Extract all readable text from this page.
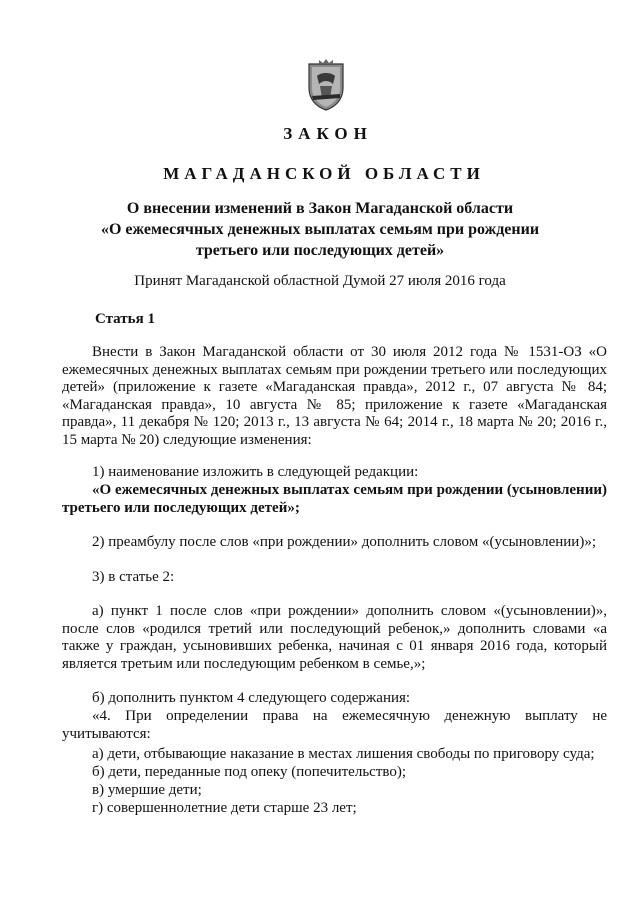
ЗАКОН
МАГАДАНСКОЙ ОБЛАСТИ
О внесении изменений в Закон Магаданской области
«О ежемесячных денежных выплатах семьям при рождении
третьего или последующих детей»
Принят Магаданской областной Думой 27 июля 2016 года
Статья 1

Внести в Закон Магаданской области от 30 июля 2012 года № 1531-ОЗ «О ежемесячных денежных выплатах семьям при рождении третьего или последующих детей» (приложение к газете «Магаданская правда», 2012 г., 07 августа № 84; «Магаданская правда», 10 августа № 85; приложение к газете «Магаданская правда», 11 декабря № 120; 2013 г., 13 августа № 64; 2014 г., 18 марта № 20; 2016 г., 15 марта № 20) следующие изменения:

1) наименование изложить в следующей редакции:

«О ежемесячных денежных выплатах семьям при рождении (усыновлении) третьего или последующих детей»;

2) преамбулу после слов «при рождении» дополнить словом «(усыновлении)»;
3) в статье 2:

а) пункт 1 после слов «при рождении» дополнить словом «(усыновлении)», после слов «родился третий или последующий ребенок,» дополнить словами «а также у граждан, усыновивших ребенка, начиная с 01 января 2016 года, который является третьим или последующим ребенком в семье,»;

б) дополнить пунктом 4 следующего содержания:

«4. При определении права на ежемесячную денежную выплату не учитываются:

а) дети, отбывающие наказание в местах лишения свободы по приговору суда;
б) дети, переданные под опеку (попечительство);
в) умершие дети;
г) совершеннолетние дети старше 23 лет;
